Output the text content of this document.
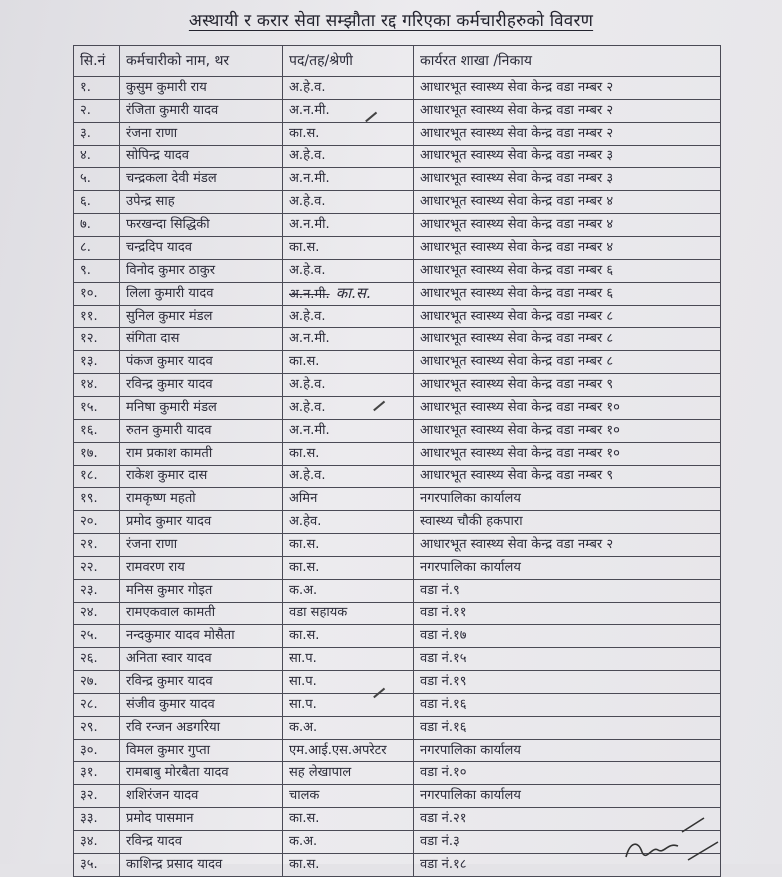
अस्थायी र करार सेवा सम्झौता रद्द गरिएका कर्मचारीहरुको विवरण
सि.नं	कर्मचारीको नाम, थर	पद/तह/श्रेणी	कार्यरत शाखा /निकाय
१.	कुसुम कुमारी राय	अ.हे.व.	आधारभूत स्वास्थ्य सेवा केन्द्र वडा नम्बर २
२.	रंजिता कुमारी यादव	अ.न.मी.	आधारभूत स्वास्थ्य सेवा केन्द्र वडा नम्बर २
३.	रंजना राणा	का.स.	आधारभूत स्वास्थ्य सेवा केन्द्र वडा नम्बर २
४.	सोपिन्द्र यादव	अ.हे.व.	आधारभूत स्वास्थ्य सेवा केन्द्र वडा नम्बर ३
५.	चन्द्रकला देवी मंडल	अ.न.मी.	आधारभूत स्वास्थ्य सेवा केन्द्र वडा नम्बर ३
६.	उपेन्द्र साह	अ.हे.व.	आधारभूत स्वास्थ्य सेवा केन्द्र वडा नम्बर ४
७.	फरखन्दा सिद्धिकी	अ.न.मी.	आधारभूत स्वास्थ्य सेवा केन्द्र वडा नम्बर ४
८.	चन्द्रदिप यादव	का.स.	आधारभूत स्वास्थ्य सेवा केन्द्र वडा नम्बर ४
९.	विनोद कुमार ठाकुर	अ.हे.व.	आधारभूत स्वास्थ्य सेवा केन्द्र वडा नम्बर ६
१०.	लिला कुमारी यादव	अ.न.मी. का.स.	आधारभूत स्वास्थ्य सेवा केन्द्र वडा नम्बर ६
११.	सुनिल कुमार मंडल	अ.हे.व.	आधारभूत स्वास्थ्य सेवा केन्द्र वडा नम्बर ८
१२.	संगिता दास	अ.न.मी.	आधारभूत स्वास्थ्य सेवा केन्द्र वडा नम्बर ८
१३.	पंकज कुमार यादव	का.स.	आधारभूत स्वास्थ्य सेवा केन्द्र वडा नम्बर ८
१४.	रविन्द्र कुमार यादव	अ.हे.व.	आधारभूत स्वास्थ्य सेवा केन्द्र वडा नम्बर ९
१५.	मनिषा कुमारी मंडल	अ.हे.व.	आधारभूत स्वास्थ्य सेवा केन्द्र वडा नम्बर १०
१६.	रुतन कुमारी यादव	अ.न.मी.	आधारभूत स्वास्थ्य सेवा केन्द्र वडा नम्बर १०
१७.	राम प्रकाश कामती	का.स.	आधारभूत स्वास्थ्य सेवा केन्द्र वडा नम्बर १०
१८.	राकेश कुमार दास	अ.हे.व.	आधारभूत स्वास्थ्य सेवा केन्द्र वडा नम्बर ९
१९.	रामकृष्ण महतो	अमिन	नगरपालिका कार्यालय
२०.	प्रमोद कुमार यादव	अ.हेव.	स्वास्थ्य चौकी हकपारा
२१.	रंजना राणा	का.स.	आधारभूत स्वास्थ्य सेवा केन्द्र वडा नम्बर २
२२.	रामवरण राय	का.स.	नगरपालिका कार्यालय
२३.	मनिस कुमार गोइत	क.अ.	वडा नं.९
२४.	रामएकवाल कामती	वडा सहायक	वडा नं.११
२५.	नन्दकुमार यादव मोसैता	का.स.	वडा नं.१७
२६.	अनिता स्वार यादव	सा.प.	वडा नं.१५
२७.	रविन्द्र कुमार यादव	सा.प.	वडा नं.१९
२८.	संजीव कुमार यादव	सा.प.	वडा नं.१६
२९.	रवि रन्जन अडगरिया	क.अ.	वडा नं.१६
३०.	विमल कुमार गुप्ता	एम.आई.एस.अपरेटर	नगरपालिका कार्यालय
३१.	रामबाबु मोरबैता यादव	सह लेखापाल	वडा नं.१०
३२.	शशिरंजन यादव	चालक	नगरपालिका कार्यालय
३३.	प्रमोद पासमान	का.स.	वडा नं.२१
३४.	रविन्द्र यादव	क.अ.	वडा नं.३
३५.	काशिन्द्र प्रसाद यादव	का.स.	वडा नं.१८
